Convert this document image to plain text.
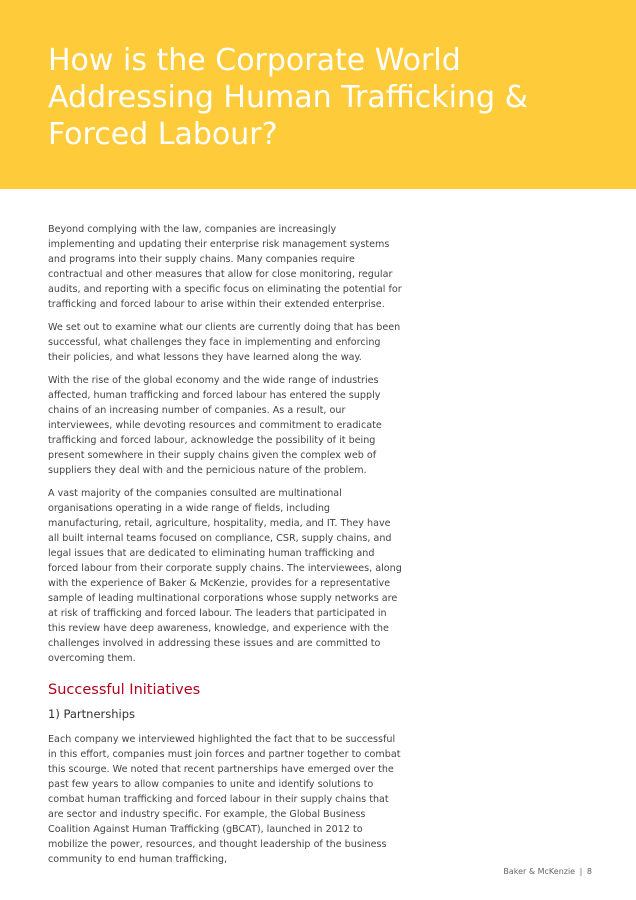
How is the Corporate World Addressing Human Trafficking & Forced Labour?

Beyond complying with the law, companies are increasingly implementing and updating their enterprise risk management systems and programs into their supply chains. Many companies require contractual and other measures that allow for close monitoring, regular audits, and reporting with a specific focus on eliminating the potential for trafficking and forced labour to arise within their extended enterprise.

We set out to examine what our clients are currently doing that has been successful, what challenges they face in implementing and enforcing their policies, and what lessons they have learned along the way.

With the rise of the global economy and the wide range of industries affected, human trafficking and forced labour has entered the supply chains of an increasing number of companies. As a result, our interviewees, while devoting resources and commitment to eradicate trafficking and forced labour, acknowledge the possibility of it being present somewhere in their supply chains given the complex web of suppliers they deal with and the pernicious nature of the problem.

A vast majority of the companies consulted are multinational organisations operating in a wide range of fields, including manufacturing, retail, agriculture, hospitality, media, and IT. They have all built internal teams focused on compliance, CSR, supply chains, and legal issues that are dedicated to eliminating human trafficking and forced labour from their corporate supply chains. The interviewees, along with the experience of Baker & McKenzie, provides for a representative sample of leading multinational corporations whose supply networks are at risk of trafficking and forced labour. The leaders that participated in this review have deep awareness, knowledge, and experience with the challenges involved in addressing these issues and are committed to overcoming them.

Successful Initiatives
1) Partnerships

Each company we interviewed highlighted the fact that to be successful in this effort, companies must join forces and partner together to combat this scourge. We noted that recent partnerships have emerged over the past few years to allow companies to unite and identify solutions to combat human trafficking and forced labour in their supply chains that are sector and industry specific. For example, the Global Business Coalition Against Human Trafficking (gBCAT), launched in 2012 to mobilize the power, resources, and thought leadership of the business community to end human trafficking,

Baker & McKenzie | 8
